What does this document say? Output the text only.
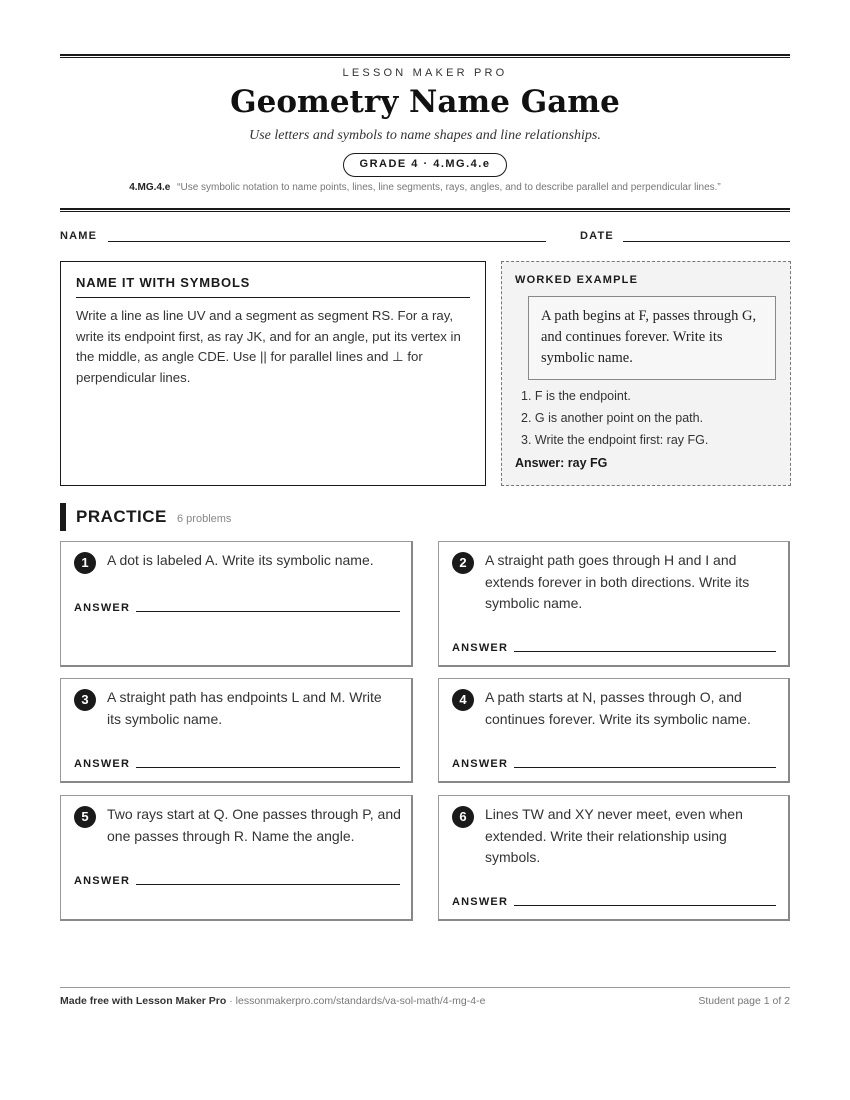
LESSON MAKER PRO
Geometry Name Game
Use letters and symbols to name shapes and line relationships.
GRADE 4 · 4.MG.4.e
4.MG.4.e “Use symbolic notation to name points, lines, line segments, rays, angles, and to describe parallel and perpendicular lines.”
NAME	DATE
NAME IT WITH SYMBOLS
Write a line as line UV and a segment as segment RS. For a ray, write its endpoint first, as ray JK, and for an angle, put its vertex in the middle, as angle CDE. Use || for parallel lines and ⊥ for perpendicular lines.
WORKED EXAMPLE
A path begins at F, passes through G, and continues forever. Write its symbolic name.
1. F is the endpoint.
2. G is another point on the path.
3. Write the endpoint first: ray FG.
Answer: ray FG
PRACTICE 6 problems
1	A dot is labeled A. Write its symbolic name.
ANSWER
2	A straight path goes through H and I and extends forever in both directions. Write its symbolic name.
ANSWER
3	A straight path has endpoints L and M. Write its symbolic name.
ANSWER
4	A path starts at N, passes through O, and continues forever. Write its symbolic name.
ANSWER
5	Two rays start at Q. One passes through P, and one passes through R. Name the angle.
ANSWER
6	Lines TW and XY never meet, even when extended. Write their relationship using symbols.
ANSWER
Made free with Lesson Maker Pro · lessonmakerpro.com/standards/va-sol-math/4-mg-4-e	Student page 1 of 2
